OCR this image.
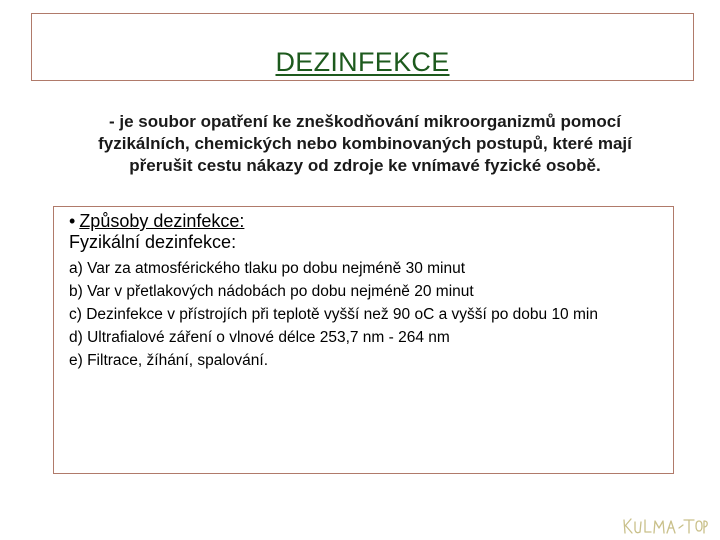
DEZINFEKCE
- je soubor opatření ke zneškodňování mikroorganizmů pomocí
fyzikálních, chemických nebo kombinovaných postupů, které mají
přerušit cestu nákazy od zdroje ke vnímavé fyzické osobě.
• Způsoby dezinfekce:
Fyzikální dezinfekce:
a) Var za atmosférického tlaku po dobu nejméně 30 minut
b) Var v přetlakových nádobách po dobu nejméně 20 minut
c) Dezinfekce v přístrojích při teplotě vyšší než 90 oC a vyšší po dobu 10 min
d) Ultrafialové záření o vlnové délce 253,7 nm - 264 nm
e) Filtrace, žíhání, spalování.
